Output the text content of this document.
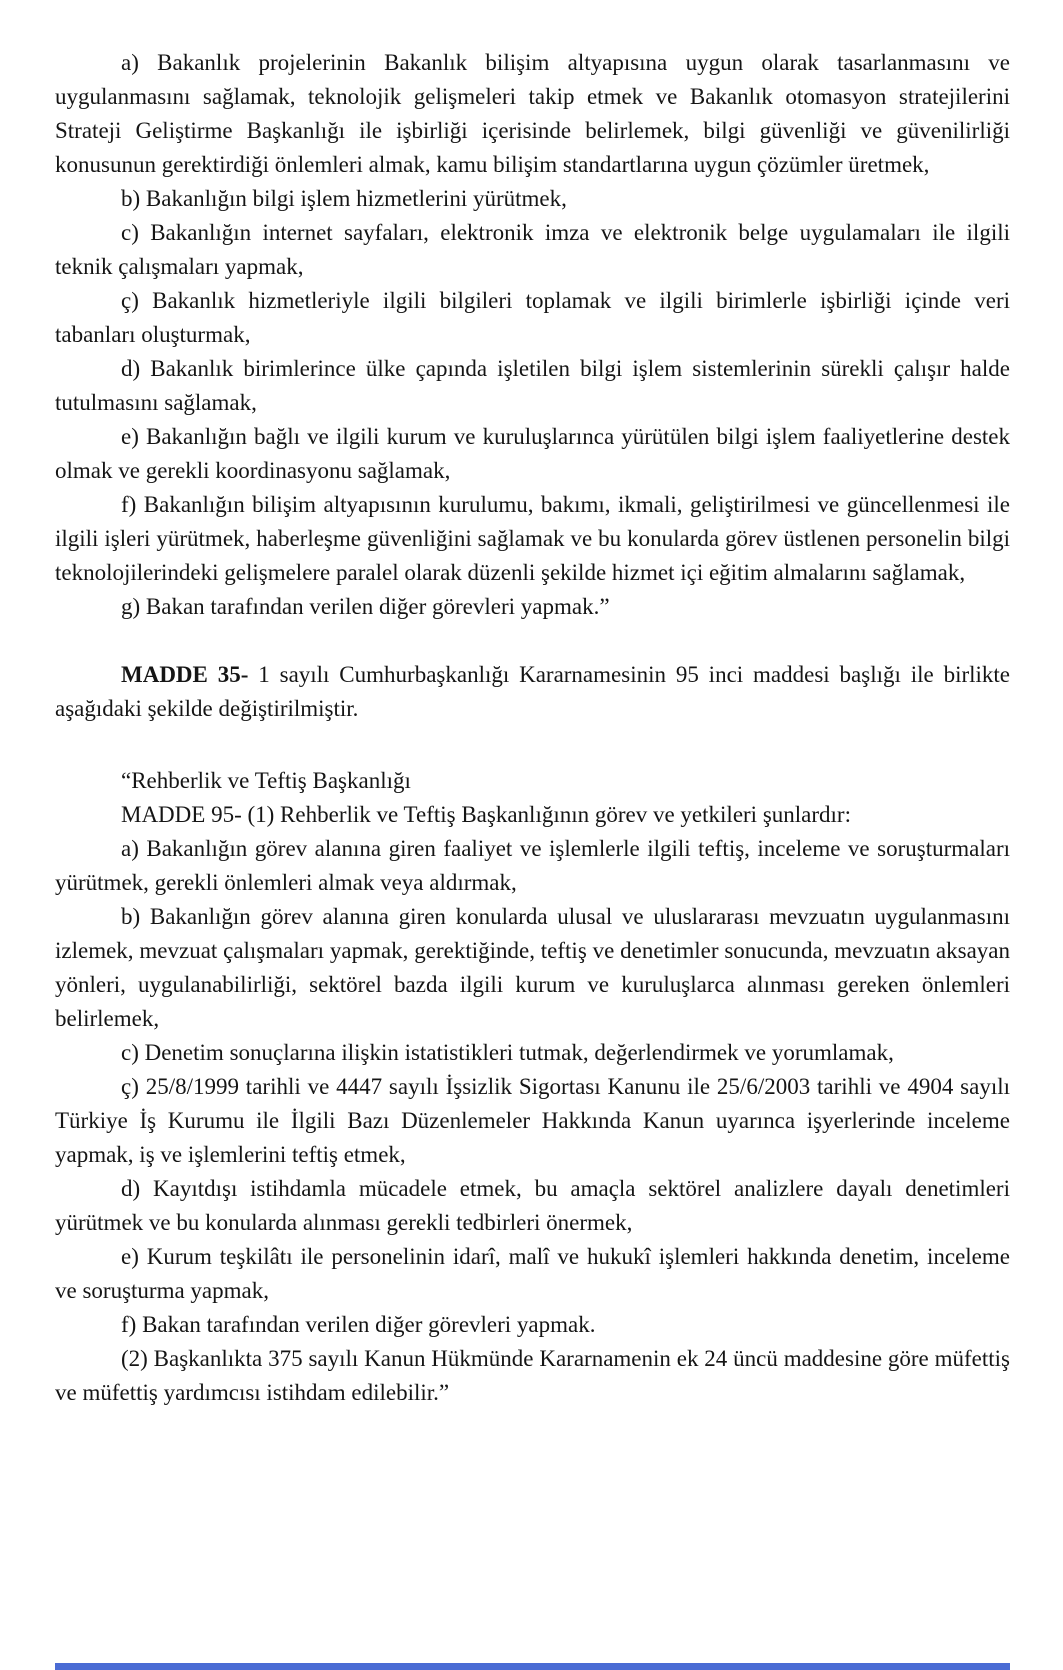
a) Bakanlık projelerinin Bakanlık bilişim altyapısına uygun olarak tasarlanmasını ve uygulanmasını sağlamak, teknolojik gelişmeleri takip etmek ve Bakanlık otomasyon stratejilerini Strateji Geliştirme Başkanlığı ile işbirliği içerisinde belirlemek, bilgi güvenliği ve güvenilirliği konusunun gerektirdiği önlemleri almak, kamu bilişim standartlarına uygun çözümler üretmek,

b) Bakanlığın bilgi işlem hizmetlerini yürütmek,

c) Bakanlığın internet sayfaları, elektronik imza ve elektronik belge uygulamaları ile ilgili teknik çalışmaları yapmak,

ç) Bakanlık hizmetleriyle ilgili bilgileri toplamak ve ilgili birimlerle işbirliği içinde veri tabanları oluşturmak,

d) Bakanlık birimlerince ülke çapında işletilen bilgi işlem sistemlerinin sürekli çalışır halde tutulmasını sağlamak,

e) Bakanlığın bağlı ve ilgili kurum ve kuruluşlarınca yürütülen bilgi işlem faaliyetlerine destek olmak ve gerekli koordinasyonu sağlamak,

f) Bakanlığın bilişim altyapısının kurulumu, bakımı, ikmali, geliştirilmesi ve güncellenmesi ile ilgili işleri yürütmek, haberleşme güvenliğini sağlamak ve bu konularda görev üstlenen personelin bilgi teknolojilerindeki gelişmelere paralel olarak düzenli şekilde hizmet içi eğitim almalarını sağlamak,

g) Bakan tarafından verilen diğer görevleri yapmak.”

MADDE 35- 1 sayılı Cumhurbaşkanlığı Kararnamesinin 95 inci maddesi başlığı ile birlikte aşağıdaki şekilde değiştirilmiştir.

“Rehberlik ve Teftiş Başkanlığı

MADDE 95- (1) Rehberlik ve Teftiş Başkanlığının görev ve yetkileri şunlardır:

a) Bakanlığın görev alanına giren faaliyet ve işlemlerle ilgili teftiş, inceleme ve soruşturmaları yürütmek, gerekli önlemleri almak veya aldırmak,

b) Bakanlığın görev alanına giren konularda ulusal ve uluslararası mevzuatın uygulanmasını izlemek, mevzuat çalışmaları yapmak, gerektiğinde, teftiş ve denetimler sonucunda, mevzuatın aksayan yönleri, uygulanabilirliği, sektörel bazda ilgili kurum ve kuruluşlarca alınması gereken önlemleri belirlemek,

c) Denetim sonuçlarına ilişkin istatistikleri tutmak, değerlendirmek ve yorumlamak,

ç) 25/8/1999 tarihli ve 4447 sayılı İşsizlik Sigortası Kanunu ile 25/6/2003 tarihli ve 4904 sayılı Türkiye İş Kurumu ile İlgili Bazı Düzenlemeler Hakkında Kanun uyarınca işyerlerinde inceleme yapmak, iş ve işlemlerini teftiş etmek,

d) Kayıtdışı istihdamla mücadele etmek, bu amaçla sektörel analizlere dayalı denetimleri yürütmek ve bu konularda alınması gerekli tedbirleri önermek,

e) Kurum teşkilâtı ile personelinin idarî, malî ve hukukî işlemleri hakkında denetim, inceleme ve soruşturma yapmak,

f) Bakan tarafından verilen diğer görevleri yapmak.

(2) Başkanlıkta 375 sayılı Kanun Hükmünde Kararnamenin ek 24 üncü maddesine göre müfettiş ve müfettiş yardımcısı istihdam edilebilir.”
